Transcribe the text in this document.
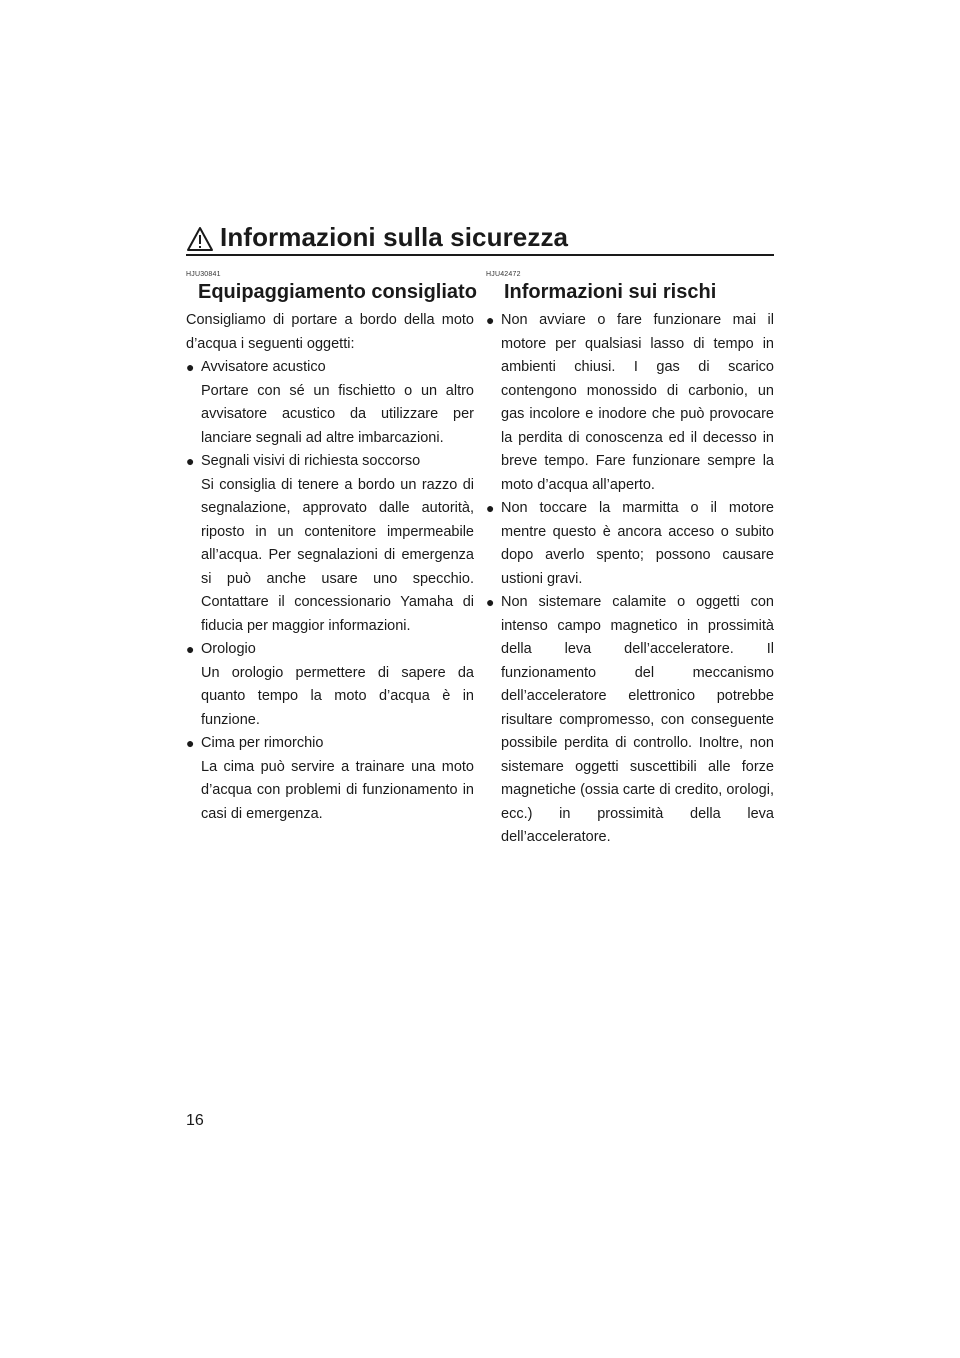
Informazioni sulla sicurezza
HJU30841
Equipaggiamento consigliato

Consigliamo di portare a bordo della moto d’acqua i seguenti oggetti:

● Avvisatore acustico
Portare con sé un fischietto o un altro avvisatore acustico da utilizzare per lanciare segnali ad altre imbarcazioni.
● Segnali visivi di richiesta soccorso
Si consiglia di tenere a bordo un razzo di segnalazione, approvato dalle autorità, riposto in un contenitore impermeabile all’acqua. Per segnalazioni di emergenza si può anche usare uno specchio. Contattare il concessionario Yamaha di fiducia per maggior informazioni.
● Orologio
Un orologio permettere di sapere da quanto tempo la moto d’acqua è in funzione.
● Cima per rimorchio
La cima può servire a trainare una moto d’acqua con problemi di funzionamento in casi di emergenza.
HJU42472
Informazioni sui rischi
● Non avviare o fare funzionare mai il motore per qualsiasi lasso di tempo in ambienti chiusi. I gas di scarico contengono monossido di carbonio, un gas incolore e inodore che può provocare la perdita di conoscenza ed il decesso in breve tempo. Fare funzionare sempre la moto d’acqua all’aperto.
● Non toccare la marmitta o il motore mentre questo è ancora acceso o subito dopo averlo spento; possono causare ustioni gravi.
● Non sistemare calamite o oggetti con intenso campo magnetico in prossimità della leva dell’acceleratore. Il funzionamento del meccanismo dell’acceleratore elettronico potrebbe risultare compromesso, con conseguente possibile perdita di controllo. Inoltre, non sistemare oggetti suscettibili alle forze magnetiche (ossia carte di credito, orologi, ecc.) in prossimità della leva dell’acceleratore.
16
